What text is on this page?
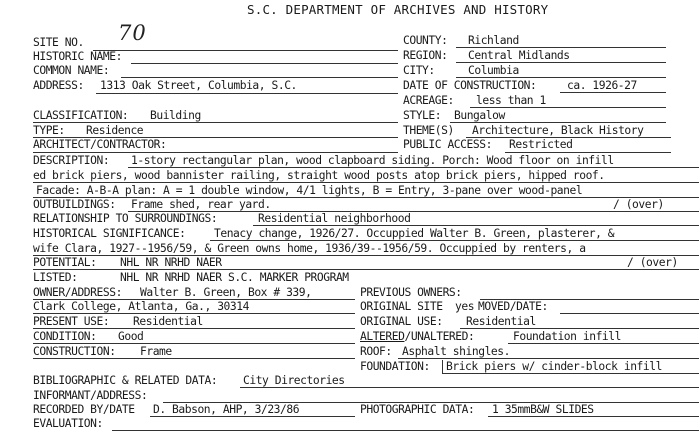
S.C. DEPARTMENT OF ARCHIVES AND HISTORY
SITE NO. 70
HISTORIC NAME:
COMMON NAME:
ADDRESS: 1313 Oak Street, Columbia, S.C.
COUNTY: Richland
REGION: Central Midlands
CITY:	Columbia
DATE OF CONSTRUCTION:	ca. 1926-27
ACREAGE: less than 1
CLASSIFICATION: Building	STYLE: Bungalow
TYPE: Residence	THEME(S) Architecture, Black History
ARCHITECT/CONTRACTOR:	PUBLIC ACCESS: Restricted
DESCRIPTION: 1-story rectangular plan, wood clapboard siding. Porch: Wood floor on infill
ed brick piers, wood bannister railing, straight wood posts atop brick piers, hipped roof.
Facade: A-B-A plan: A = 1 double window, 4/1 lights, B = Entry, 3-pane over wood-panel
OUTBUILDINGS: Frame shed, rear yard.	/ (over)
RELATIONSHIP TO SURROUNDINGS:	Residential neighborhood
HISTORICAL SIGNIFICANCE:	Tenacy change, 1926/27. Occuppied Walter B. Green, plasterer, &
wife Clara, 1927--1956/59, & Green owns home, 1936/39--1956/59. Occuppied by renters, a
POTENTIAL: NHL NR NRHD NAER	/ (over)
LISTED:	NHL NR NRHD NAER S.C. MARKER PROGRAM
OWNER/ADDRESS: Walter B. Green, Box # 339,
Clark College, Atlanta, Ga., 30314
PREVIOUS OWNERS:
ORIGINAL SITE yes MOVED/DATE:
PRESENT USE: Residential	ORIGINAL USE: Residential
CONDITION: Good	ALTERED/UNALTERED:	Foundation infill
CONSTRUCTION: Frame	ROOF: Asphalt shingles.
FOUNDATION: Brick piers w/ cinder-block infill
BIBLIOGRAPHIC & RELATED DATA: City Directories
INFORMANT/ADDRESS:
RECORDED BY/DATE D. Babson, AHP, 3/23/86	PHOTOGRAPHIC DATA: 1 35mmB&W SLIDES
EVALUATION:
